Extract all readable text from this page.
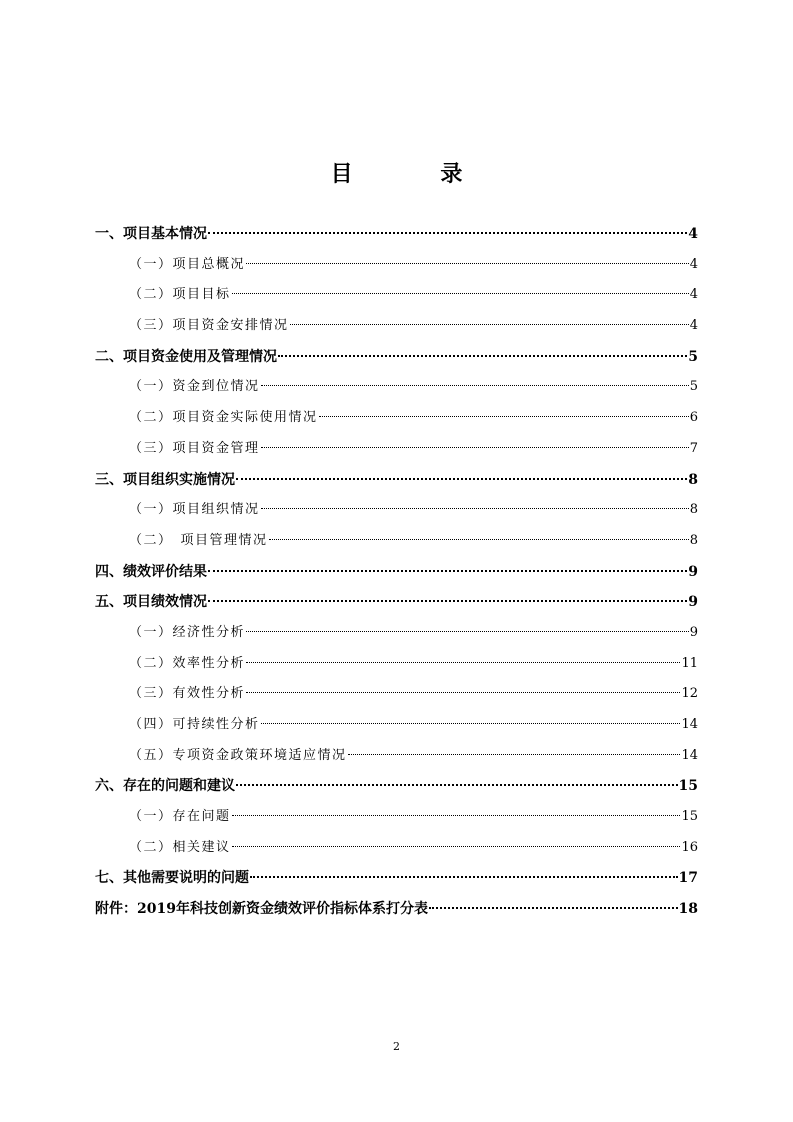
目 录
一、项目基本情况	4
（一）项目总概况	4
（二）项目目标	4
（三）项目资金安排情况	4
二、项目资金使用及管理情况	5
（一）资金到位情况	5
（二）项目资金实际使用情况	6
（三）项目资金管理	7
三、项目组织实施情况	8
（一）项目组织情况	8
（二）　项目管理情况	8
四、绩效评价结果	9
五、项目绩效情况	9
（一）经济性分析	9
（二）效率性分析	11
（三）有效性分析	12
（四）可持续性分析	14
（五）专项资金政策环境适应情况	14
六、存在的问题和建议	15
（一）存在问题	15
（二）相关建议	16
七、其他需要说明的问题	17
附件：2019年科技创新资金绩效评价指标体系打分表	18
2
